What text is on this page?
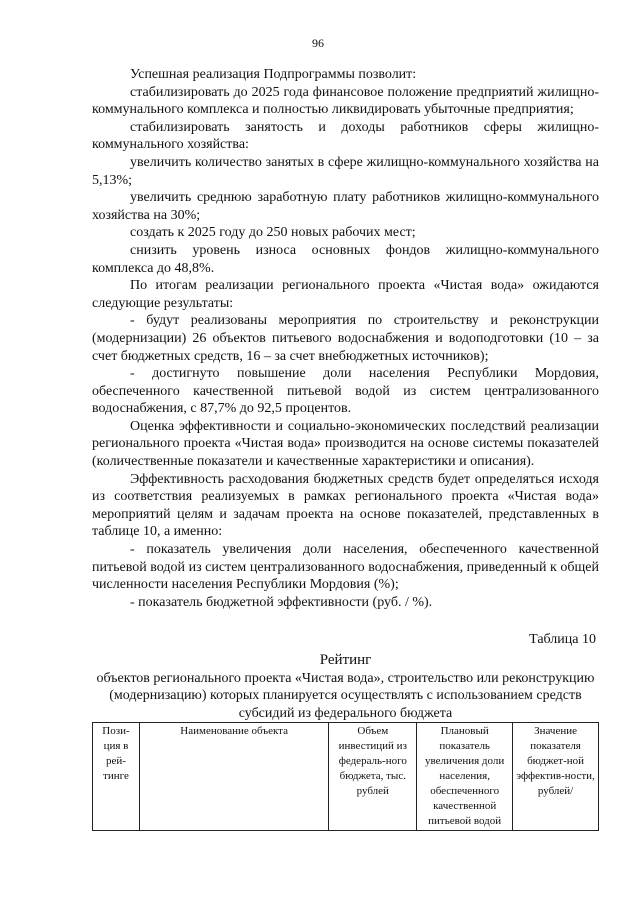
96

Успешная реализация Подпрограммы позволит:

стабилизировать до 2025 года финансовое положение предприятий жилищно-коммунального комплекса и полностью ликвидировать убыточные предприятия;

стабилизировать занятость и доходы работников сферы жилищно-коммунального хозяйства:

увеличить количество занятых в сфере жилищно-коммунального хозяйства на 5,13%;

увеличить среднюю заработную плату работников жилищно-коммунального хозяйства на 30%;

создать к 2025 году до 250 новых рабочих мест;

снизить уровень износа основных фондов жилищно-коммунального комплекса до 48,8%.

По итогам реализации регионального проекта «Чистая вода» ожидаются следующие результаты:

- будут реализованы мероприятия по строительству и реконструкции (модернизации) 26 объектов питьевого водоснабжения и водоподготовки (10 – за счет бюджетных средств, 16 – за счет внебюджетных источников);

- достигнуто повышение доли населения Республики Мордовия, обеспеченного качественной питьевой водой из систем централизованного водоснабжения, с 87,7% до 92,5 процентов.

Оценка эффективности и социально-экономических последствий реализации регионального проекта «Чистая вода» производится на основе системы показателей (количественные показатели и качественные характеристики и описания).

Эффективность расходования бюджетных средств будет определяться исходя из соответствия реализуемых в рамках регионального проекта «Чистая вода» мероприятий целям и задачам проекта на основе показателей, представленных в таблице 10, а именно:

- показатель увеличения доли населения, обеспеченного качественной питьевой водой из систем централизованного водоснабжения, приведенный к общей численности населения Республики Мордовия (%);

- показатель бюджетной эффективности (руб. / %).

Таблица 10
Рейтинг
объектов регионального проекта «Чистая вода», строительство или реконструкцию (модернизацию) которых планируется осуществлять с использованием средств субсидий из федерального бюджета
Пози-ция в рей-тинге	Наименование объекта	Объем инвестиций из федераль-ного бюджета, тыс. рублей	Плановый показатель увеличения доли населения, обеспеченного качественной питьевой водой	Значение показателя бюджет-ной эффектив-ности, рублей/
